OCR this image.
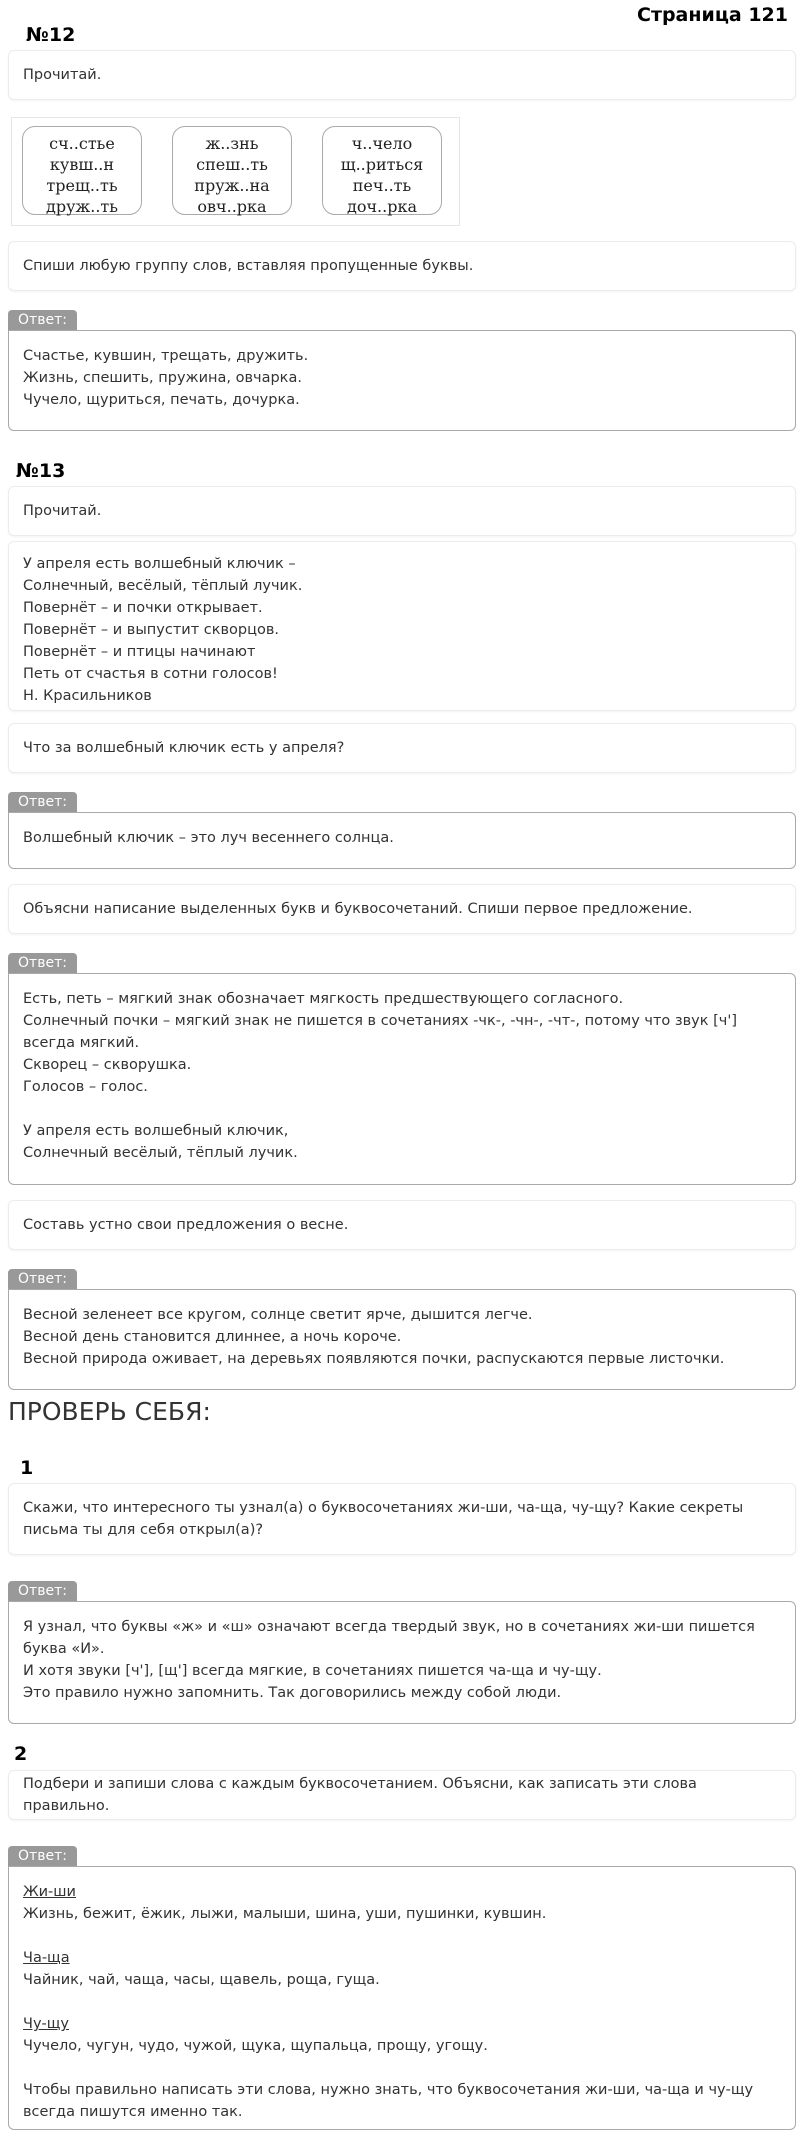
Страница 121
№12
Прочитай.
сч..стье
кувш..н
трещ..ть
друж..ть
ж..знь
спеш..ть
пруж..на
овч..рка
ч..чело
щ..риться
печ..ть
доч..рка
Спиши любую группу слов, вставляя пропущенные буквы.
Ответ:
Счастье, кувшин, трещать, дружить.
Жизнь, спешить, пружина, овчарка.
Чучело, щуриться, печать, дочурка.
№13
Прочитай.
У апреля есть волшебный ключик –
Солнечный, весёлый, тёплый лучик.
Повернёт – и почки открывает.
Повернёт – и выпустит скворцов.
Повернёт – и птицы начинают
Петь от счастья в сотни голосов!
Н. Красильников
Что за волшебный ключик есть у апреля?
Ответ:
Волшебный ключик – это луч весеннего солнца.
Объясни написание выделенных букв и буквосочетаний. Спиши первое предложение.
Ответ:
Есть, петь – мягкий знак обозначает мягкость предшествующего согласного.
Солнечный почки – мягкий знак не пишется в сочетаниях -чк-, -чн-, -чт-, потому что звук [ч'] всегда мягкий.
Скворец – скворушка.
Голосов – голос.
У апреля есть волшебный ключик,
Солнечный весёлый, тёплый лучик.
Составь устно свои предложения о весне.
Ответ:
Весной зеленеет все кругом, солнце светит ярче, дышится легче.
Весной день становится длиннее, а ночь короче.
Весной природа оживает, на деревьях появляются почки, распускаются первые листочки.
ПРОВЕРЬ СЕБЯ:
1
Скажи, что интересного ты узнал(а) о буквосочетаниях жи-ши, ча-ща, чу-щу? Какие секреты письма ты для себя открыл(а)?
Ответ:
Я узнал, что буквы «ж» и «ш» означают всегда твердый звук, но в сочетаниях жи-ши пишется буква «И».
И хотя звуки [ч'], [щ'] всегда мягкие, в сочетаниях пишется ча-ща и чу-щу.
Это правило нужно запомнить. Так договорились между собой люди.
2
Подбери и запиши слова с каждым буквосочетанием. Объясни, как записать эти слова правильно.
Ответ:
Жи-ши
Жизнь, бежит, ёжик, лыжи, малыши, шина, уши, пушинки, кувшин.
Ча-ща
Чайник, чай, чаща, часы, щавель, роща, гуща.
Чу-щу
Чучело, чугун, чудо, чужой, щука, щупальца, прощу, угощу.
Чтобы правильно написать эти слова, нужно знать, что буквосочетания жи-ши, ча-ща и чу-щу всегда пишутся именно так.
